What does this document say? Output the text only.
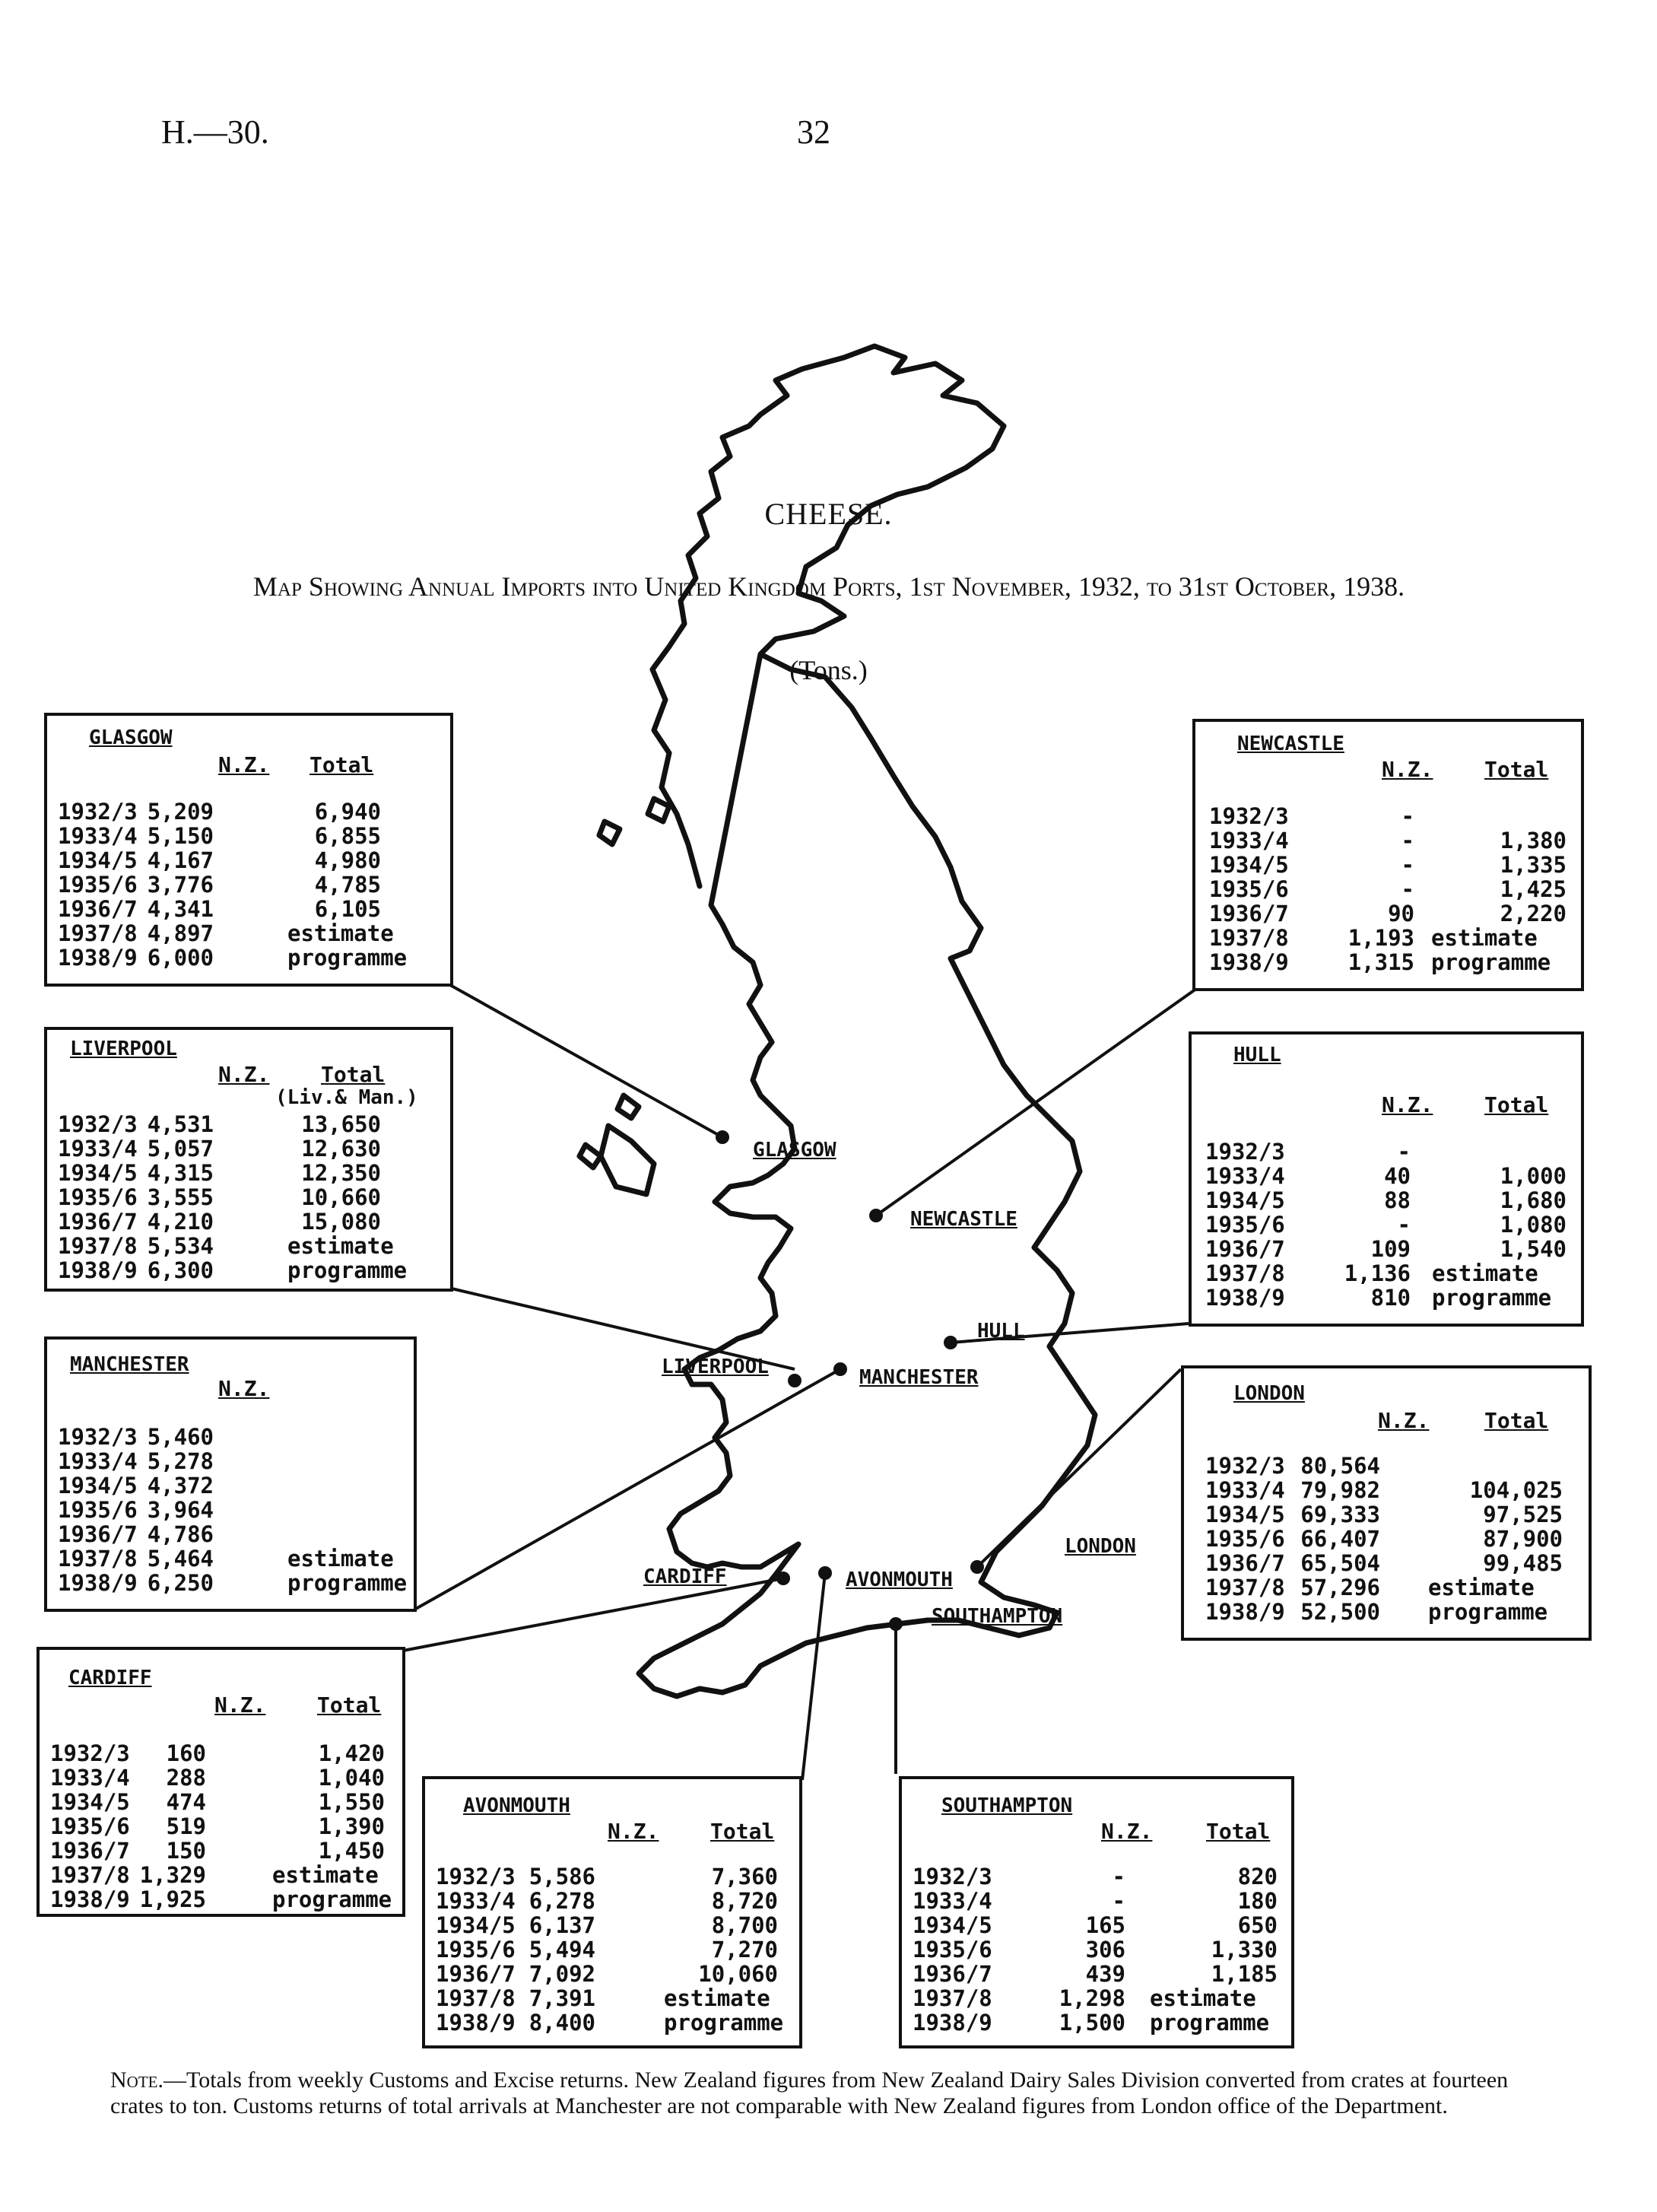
H.—30.	32
CHEESE.
Map Showing Annual Imports into United Kingdom Ports, 1st November, 1932, to 31st October, 1938.
(Tons.)
GLASGOW
NEWCASTLE
HULL
LIVERPOOL	MANCHESTER
LONDON
CARDIFF	AVONMOUTH
SOUTHAMPTON
GLASGOW
N.Z. Total
1932/3 5,209	6,940
1933/4 5,150	6,855
1934/5 4,167	4,980
1935/6 3,776	4,785
1936/7 4,341	6,105
1937/8 4,897	estimate
1938/9 6,000	programme
LIVERPOOL
N.Z. Total
(Liv.& Man.)
1932/3 4,531	13,650
1933/4 5,057	12,630
1934/5 4,315	12,350
1935/6 3,555	10,660
1936/7 4,210	15,080
1937/8 5,534	estimate
1938/9 6,300	programme
MANCHESTER
N.Z.
1932/3 5,460
1933/4 5,278
1934/5 4,372
1935/6 3,964
1936/7 4,786
1937/8 5,464	estimate
1938/9 6,250	programme
CARDIFF
N.Z. Total
1932/3	160	1,420
1933/4	288	1,040
1934/5	474	1,550
1935/6	519	1,390
1936/7	150	1,450
1937/8 1,329	estimate
1938/9 1,925	programme
AVONMOUTH
N.Z. Total
1932/3 5,586	7,360
1933/4 6,278	8,720
1934/5 6,137	8,700
1935/6 5,494	7,270
1936/7 7,092	10,060
1937/8 7,391	estimate
1938/9 8,400	programme
SOUTHAMPTON
N.Z.	Total
1932/3	-	820
1933/4	-	180
1934/5	165	650
1935/6	306	1,330
1936/7	439	1,185
1937/8	1,298 estimate
1938/9	1,500 programme
NEWCASTLE
N.Z. Total
1932/3	-
1933/4	-	1,380
1934/5	-	1,335
1935/6	-	1,425
1936/7	90	2,220
1937/8	1,193 estimate
1938/9	1,315 programme
HULL
N.Z. Total
1932/3	-
1933/4	40	1,000
1934/5	88	1,680
1935/6	-	1,080
1936/7	109	1,540
1937/8	1,136 estimate
1938/9	810 programme
LONDON
N.Z.	Total
1932/3 80,564
1933/4 79,982	104,025
1934/5 69,333	97,525
1935/6 66,407	87,900
1936/7 65,504	99,485
1937/8 57,296 estimate
1938/9 52,500 programme
Note.—Totals from weekly Customs and Excise returns. New Zealand figures from New Zealand Dairy Sales Division converted from crates at fourteen crates to ton. Customs returns of total arrivals at Manchester are not comparable with New Zealand figures from London office of the Department.
